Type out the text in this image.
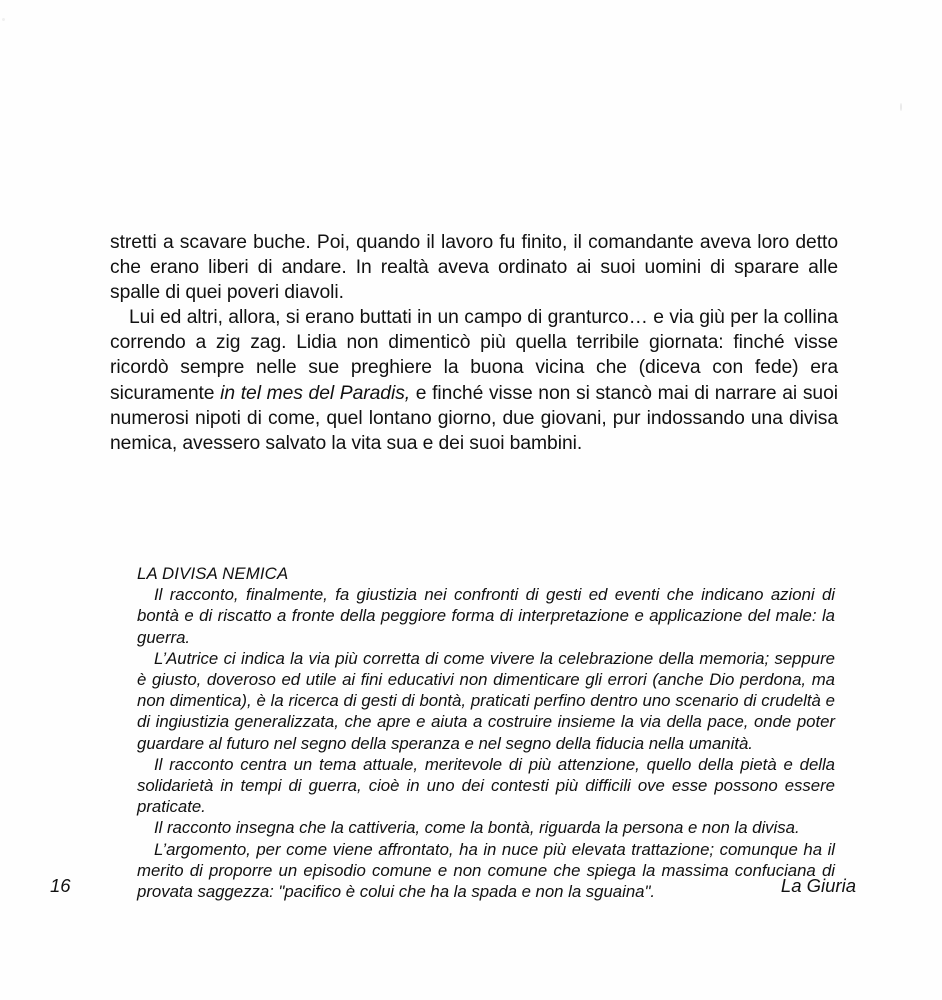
stretti a scavare buche. Poi, quando il lavoro fu finito, il comandante aveva loro detto che erano liberi di andare. In realtà aveva ordinato ai suoi uomini di sparare alle spalle di quei poveri diavoli.

Lui ed altri, allora, si erano buttati in un campo di granturco… e via giù per la collina correndo a zig zag. Lidia non dimenticò più quella terribile giornata: finché visse ricordò sempre nelle sue preghiere la buona vicina che (diceva con fede) era sicuramente in tel mes del Paradis, e finché visse non si stancò mai di narrare ai suoi numerosi nipoti di come, quel lontano giorno, due giovani, pur indossando una divisa nemica, avessero salvato la vita sua e dei suoi bambini.

LA DIVISA NEMICA

Il racconto, finalmente, fa giustizia nei confronti di gesti ed eventi che indicano azioni di bontà e di riscatto a fronte della peggiore forma di interpretazione e applicazione del male: la guerra.

L’Autrice ci indica la via più corretta di come vivere la celebrazione della memoria; seppure è giusto, doveroso ed utile ai fini educativi non dimenticare gli errori (anche Dio perdona, ma non dimentica), è la ricerca di gesti di bontà, praticati perfino dentro uno scenario di crudeltà e di ingiustizia generalizzata, che apre e aiuta a costruire insieme la via della pace, onde poter guardare al futuro nel segno della speranza e nel segno della fiducia nella umanità.

Il racconto centra un tema attuale, meritevole di più attenzione, quello della pietà e della solidarietà in tempi di guerra, cioè in uno dei contesti più difficili ove esse possono essere praticate.

Il racconto insegna che la cattiveria, come la bontà, riguarda la persona e non la divisa.

L’argomento, per come viene affrontato, ha in nuce più elevata trattazione; comunque ha il merito di proporre un episodio comune e non comune che spiega la massima confuciana di provata saggezza: "pacifico è colui che ha la spada e non la sguaina".

16	La Giuria
